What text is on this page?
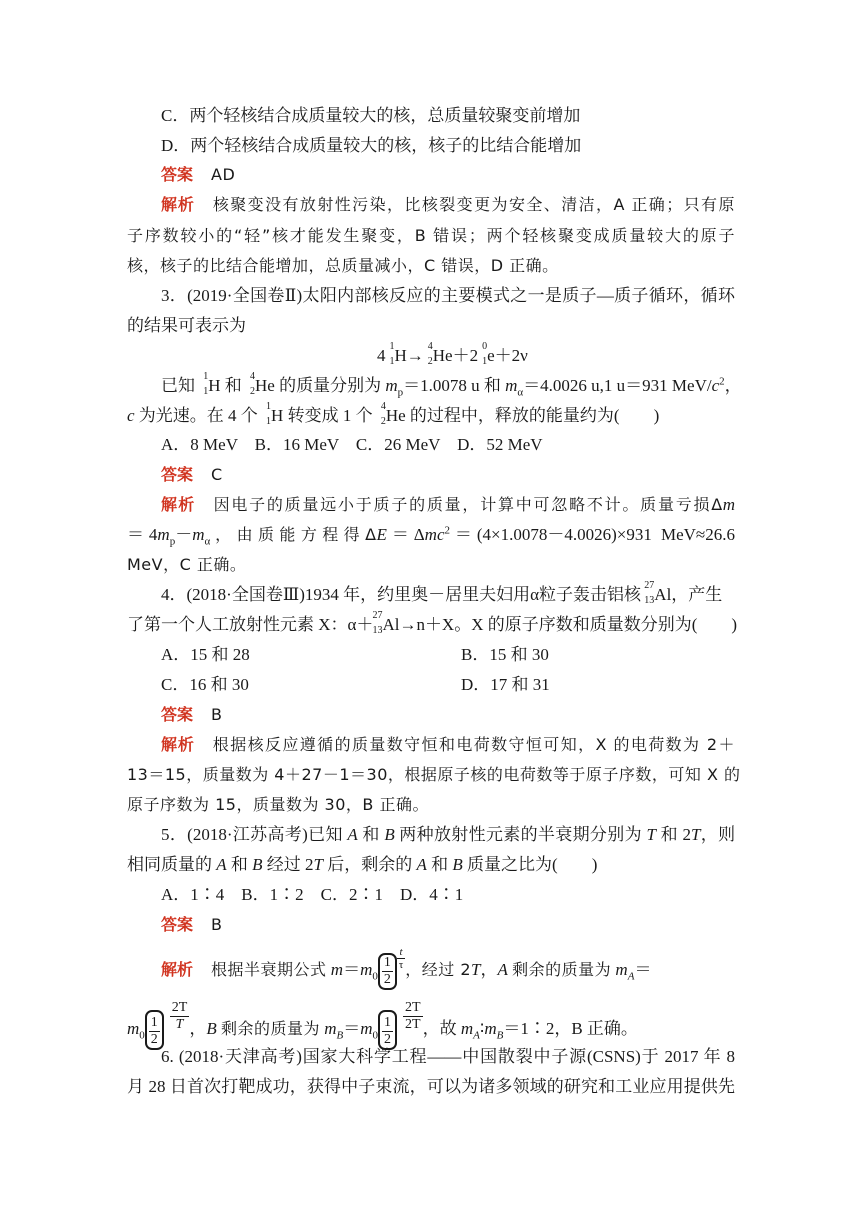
C．两个轻核结合成质量较大的核，总质量较聚变前增加
D．两个轻核结合成质量较大的核，核子的比结合能增加
答案 AD
解析 核聚变没有放射性污染，比核裂变更为安全、清洁，A 正确；只有原
子序数较小的“轻”核才能发生聚变，B 错误；两个轻核聚变成质量较大的原子
核，核子的比结合能增加，总质量减小，C 错误，D 正确。
3．(2019·全国卷Ⅱ)太阳内部核反应的主要模式之一是质子—质子循环，循环
的结果可表示为
4 1
1 H→ 4
2 He＋2 0
1 e＋2ν
已知 1
1 H 和 4
2 He 的质量分别为 $m_p=1.0078$ u 和 $m_\alpha=4.0026$ u,1 u＝931 MeV/$c^2$，
c 为光速。在 4 个 1
1 H 转变成 1 个 4
2 He 的过程中，释放的能量约为(　　)
A．8 MeV　B．16 MeV　C．26 MeV　D．52 MeV
答案 C
解析 因电子的质量远小于质子的质量，计算中可忽略不计。质量亏损Δm
$=4m_p-m_\alpha$，由质能方程得ΔE＝Δmc$^2$＝(4×1.0078－4.0026)×931 MeV≈26.6
MeV，C 正确。
4．(2018·全国卷Ⅲ)1934 年，约里奥－居里夫妇用α粒子轰击铝核 27
13 Al，产生
了第一个人工放射性元素 X：α＋ 27
13 Al→n＋X。X 的原子序数和质量数分别为(　　)
A．15 和 28	B．15 和 30
C．16 和 30	D．17 和 31
答案 B
解析 根据核反应遵循的质量数守恒和电荷数守恒可知，X 的电荷数为 2＋
13＝15，质量数为 4＋27－1＝30，根据原子核的电荷数等于原子序数，可知 X 的
原子序数为 15，质量数为 30，B 正确。
5．(2018·江苏高考)已知 A 和 B 两种放射性元素的半衰期分别为 T 和 2T，则
相同质量的 A 和 B 经过 2T 后，剩余的 A 和 B 质量之比为(　　)
A．1∶4　B．1∶2　C．2∶1　D．4∶1
答案 B
解析 根据半衰期公式 $m=m_0 \frac{1}{2} ^{\frac{t}{\tau}}$ ，经过 2T，A 剩余的质量为 $m_A=$
$m_0 \frac{1}{2} \frac{2T}{T}$ ，B 剩余的质量为 $m_B=m_0 \frac{1}{2} \frac{2T}{2T}$ ，故 $m_A∶m_B=1∶2$，B 正确。
6. (2018·天津高考)国家大科学工程——中国散裂中子源(CSNS)于 2017 年 8
月 28 日首次打靶成功，获得中子束流，可以为诸多领域的研究和工业应用提供先
